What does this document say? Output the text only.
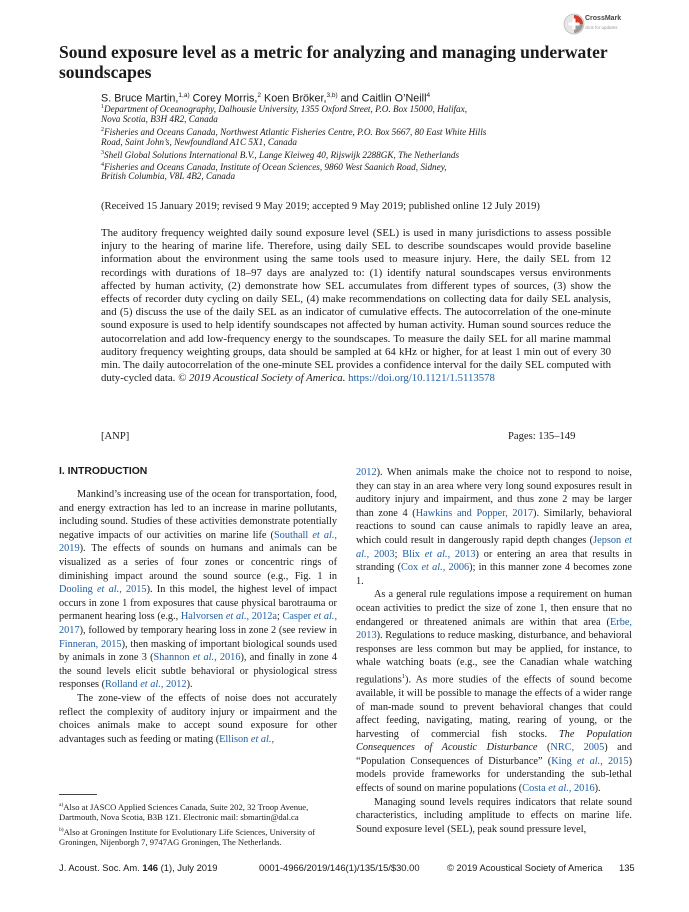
CrossMark
click for updates
Sound exposure level as a metric for analyzing and managing underwater soundscapes
S. Bruce Martin,$^{1,a)}$ Corey Morris,$^2$ Koen Bröker,$^{3,b)}$ and Caitlin O’Neill$^4$
$^1$Department of Oceanography, Dalhousie University, 1355 Oxford Street, P.O. Box 15000, Halifax,
Nova Scotia, B3H 4R2, Canada
$^2$Fisheries and Oceans Canada, Northwest Atlantic Fisheries Centre, P.O. Box 5667, 80 East White Hills
Road, Saint John’s, Newfoundland A1C 5X1, Canada
$^3$Shell Global Solutions International B.V., Lange Kleiweg 40, Rijswijk 2288GK, The Netherlands
$^4$Fisheries and Oceans Canada, Institute of Ocean Sciences, 9860 West Saanich Road, Sidney,
British Columbia, V8L 4B2, Canada
(Received 15 January 2019; revised 9 May 2019; accepted 9 May 2019; published online 12 July 2019)

The auditory frequency weighted daily sound exposure level (SEL) is used in many jurisdictions to assess possible injury to the hearing of marine life. Therefore, using daily SEL to describe soundscapes would provide baseline information about the environment using the same tools used to measure injury. Here, the daily SEL from 12 recordings with durations of 18–97 days are analyzed to: (1) identify natural soundscapes versus environments affected by human activity, (2) demonstrate how SEL accumulates from different types of sources, (3) show the effects of recorder duty cycling on daily SEL, (4) make recommendations on collecting data for daily SEL analysis, and (5) discuss the use of the daily SEL as an indicator of cumulative effects. The autocorrelation of the one-minute sound exposure is used to help identify soundscapes not affected by human activity. Human sound sources reduce the autocorrelation and add low-frequency energy to the soundscapes. To measure the daily SEL for all marine mammal auditory frequency weighting groups, data should be sampled at 64 kHz or higher, for at least 1 min out of every 30 min. The daily autocorrelation of the one-minute SEL provides a confidence interval for the daily SEL computed with duty-cycled data. © 2019 Acoustical Society of America. https://doi.org/10.1121/1.5113578

[ANP]	Pages: 135–149
I. INTRODUCTION

Mankind’s increasing use of the ocean for transportation, food, and energy extraction has led to an increase in marine pollutants, including sound. Studies of these activities demonstrate potentially negative impacts of our activities on marine life (Southall et al., 2019). The effects of sounds on humans and animals can be visualized as a series of four zones or concentric rings of diminishing impact around the sound source (e.g., Fig. 1 in Dooling et al., 2015). In this model, the highest level of impact occurs in zone 1 from exposures that cause physical barotrauma or permanent hearing loss (e.g., Halvorsen et al., 2012a; Casper et al., 2017), followed by temporary hearing loss in zone 2 (see review in Finneran, 2015), then masking of important biological sounds used by animals in zone 3 (Shannon et al., 2016), and finally in zone 4 the sound levels elicit subtle behavioral or physiological stress responses (Rolland et al., 2012).

The zone-view of the effects of noise does not accurately reflect the complexity of auditory injury or impairment and the choices animals make to accept sound exposure for other advantages such as feeding or mating (Ellison et al.,

2012). When animals make the choice not to respond to noise, they can stay in an area where very long sound exposures result in auditory injury and impairment, and thus zone 2 may be larger than zone 4 (Hawkins and Popper, 2017). Similarly, behavioral reactions to sound can cause animals to rapidly leave an area, which could result in dangerously rapid depth changes (Jepson et al., 2003; Blix et al., 2013) or entering an area that results in stranding (Cox et al., 2006); in this manner zone 4 becomes zone 1.

As a general rule regulations impose a requirement on human ocean activities to predict the size of zone 1, then ensure that no endangered or threatened animals are within that area (Erbe, 2013). Regulations to reduce masking, disturbance, and behavioral responses are less common but may be applied, for instance, to whale watching boats (e.g., see the Canadian whale watching regulations$^1$). As more studies of the effects of sound become available, it will be possible to manage the effects of a wider range of man-made sound to prevent behavioral changes that could affect feeding, navigating, mating, rearing of young, or the harvesting of commercial fish stocks. The Population Consequences of Acoustic Disturbance (NRC, 2005) and “Population Consequences of Disturbance” (King et al., 2015) models provide frameworks for understanding the sub-lethal effects of sound on marine populations (Costa et al., 2016).

Managing sound levels requires indicators that relate sound characteristics, including amplitude to effects on marine life. Sound exposure level (SEL), peak sound pressure level,

$^{a)}$Also at JASCO Applied Sciences Canada, Suite 202, 32 Troop Avenue, Dartmouth, Nova Scotia, B3B 1Z1. Electronic mail: sbmartin@dal.ca
$^{b)}$Also at Groningen Institute for Evolutionary Life Sciences, University of Groningen, Nijenborgh 7, 9747AG Groningen, The Netherlands.
J. Acoust. Soc. Am. 146 (1), July 2019	0001-4966/2019/146(1)/135/15/$30.00	© 2019 Acoustical Society of America 135
